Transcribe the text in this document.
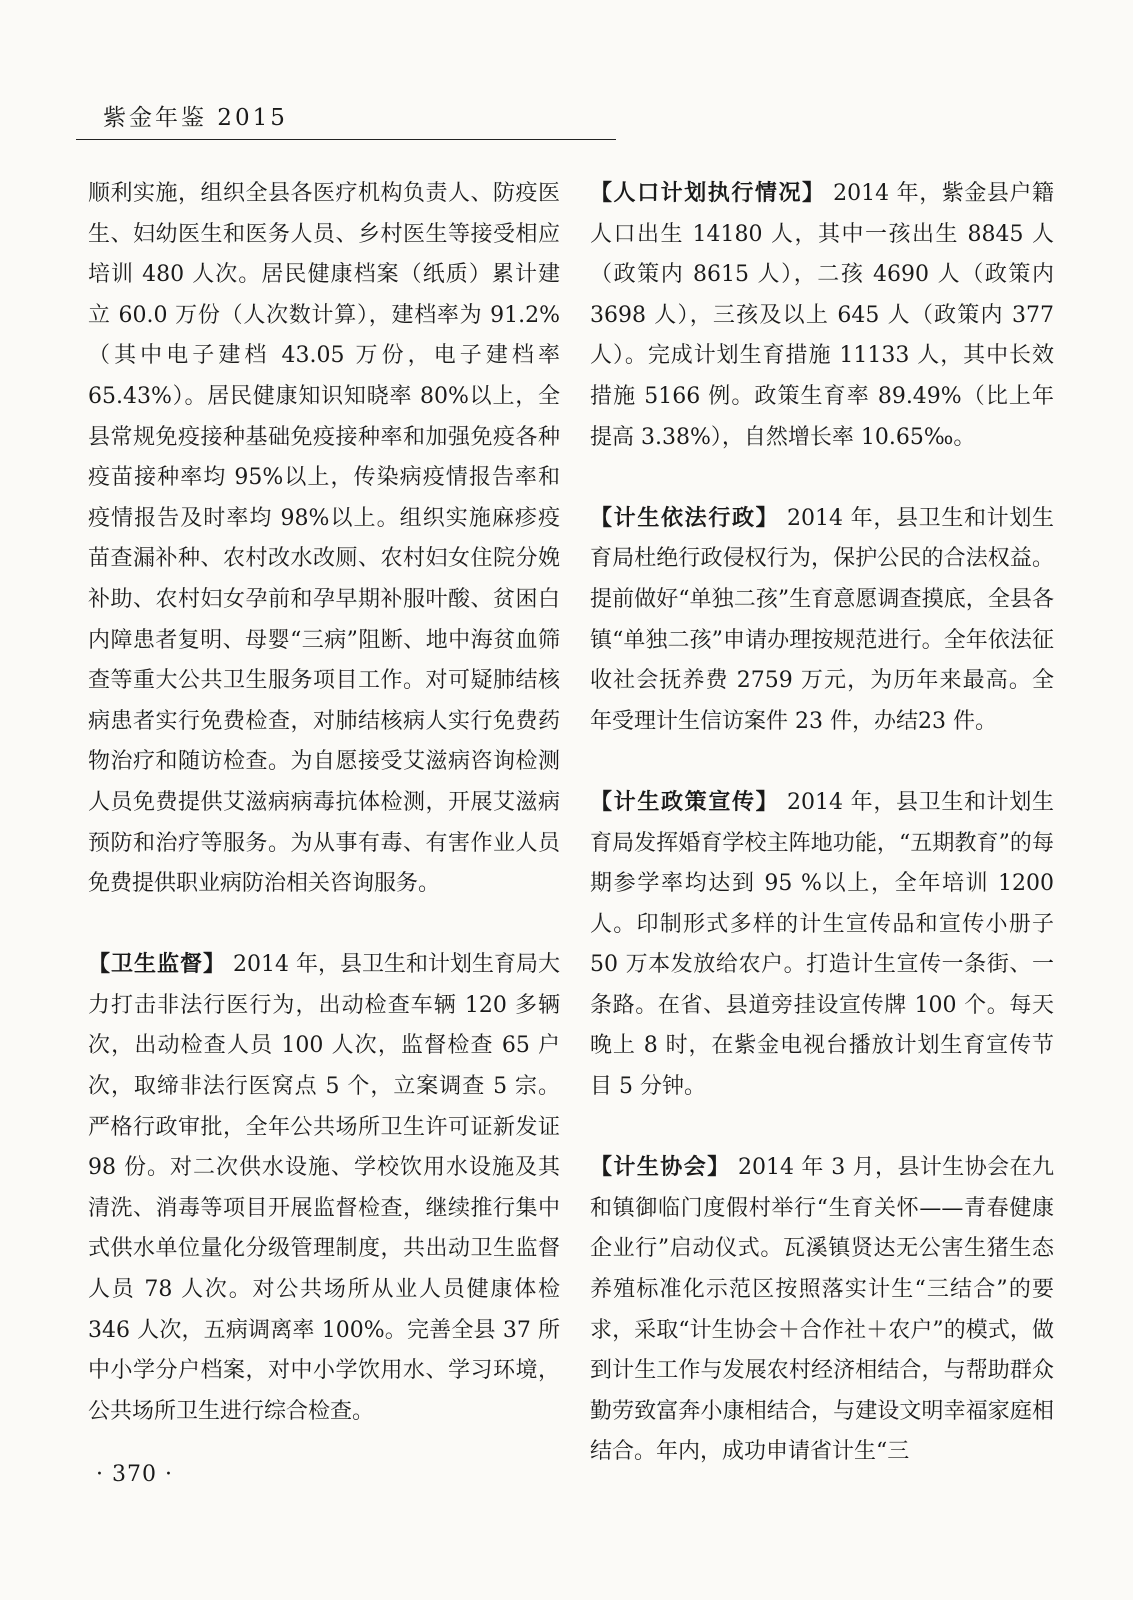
紫金年鉴 2015

顺利实施，组织全县各医疗机构负责人、防疫医生、妇幼医生和医务人员、乡村医生等接受相应培训 480 人次。居民健康档案（纸质）累计建立 60.0 万份（人次数计算），建档率为 91.2%（其中电子建档 43.05 万份，电子建档率 65.43%）。居民健康知识知晓率 80%以上，全县常规免疫接种基础免疫接种率和加强免疫各种疫苗接种率均 95%以上，传染病疫情报告率和疫情报告及时率均 98%以上。组织实施麻疹疫苗查漏补种、农村改水改厕、农村妇女住院分娩补助、农村妇女孕前和孕早期补服叶酸、贫困白内障患者复明、母婴“三病”阻断、地中海贫血筛查等重大公共卫生服务项目工作。对可疑肺结核病患者实行免费检查，对肺结核病人实行免费药物治疗和随访检查。为自愿接受艾滋病咨询检测人员免费提供艾滋病病毒抗体检测，开展艾滋病预防和治疗等服务。为从事有毒、有害作业人员免费提供职业病防治相关咨询服务。

【卫生监督】 2014 年，县卫生和计划生育局大力打击非法行医行为，出动检查车辆 120 多辆次，出动检查人员 100 人次，监督检查 65 户次，取缔非法行医窝点 5 个，立案调查 5 宗。严格行政审批，全年公共场所卫生许可证新发证 98 份。对二次供水设施、学校饮用水设施及其清洗、消毒等项目开展监督检查，继续推行集中式供水单位量化分级管理制度，共出动卫生监督人员 78 人次。对公共场所从业人员健康体检 346 人次，五病调离率 100%。完善全县 37 所中小学分户档案，对中小学饮用水、学习环境，公共场所卫生进行综合检查。

【人口计划执行情况】 2014 年，紫金县户籍人口出生 14180 人，其中一孩出生 8845 人（政策内 8615 人），二孩 4690 人（政策内 3698 人），三孩及以上 645 人（政策内 377 人）。完成计划生育措施 11133 人，其中长效措施 5166 例。政策生育率 89.49%（比上年提高 3.38%），自然增长率 10.65‰。

【计生依法行政】 2014 年，县卫生和计划生育局杜绝行政侵权行为，保护公民的合法权益。提前做好“单独二孩”生育意愿调查摸底，全县各镇“单独二孩”申请办理按规范进行。全年依法征收社会抚养费 2759 万元，为历年来最高。全年受理计生信访案件 23 件，办结23 件。

【计生政策宣传】 2014 年，县卫生和计划生育局发挥婚育学校主阵地功能，“五期教育”的每期参学率均达到 95 %以上，全年培训 1200 人。印制形式多样的计生宣传品和宣传小册子 50 万本发放给农户。打造计生宣传一条街、一条路。在省、县道旁挂设宣传牌 100 个。每天晚上 8 时，在紫金电视台播放计划生育宣传节目 5 分钟。

【计生协会】 2014 年 3 月，县计生协会在九和镇御临门度假村举行“生育关怀——青春健康企业行”启动仪式。瓦溪镇贤达无公害生猪生态养殖标准化示范区按照落实计生“三结合”的要求，采取“计生协会＋合作社＋农户”的模式，做到计生工作与发展农村经济相结合，与帮助群众勤劳致富奔小康相结合，与建设文明幸福家庭相结合。年内，成功申请省计生“三

· 370 ·
